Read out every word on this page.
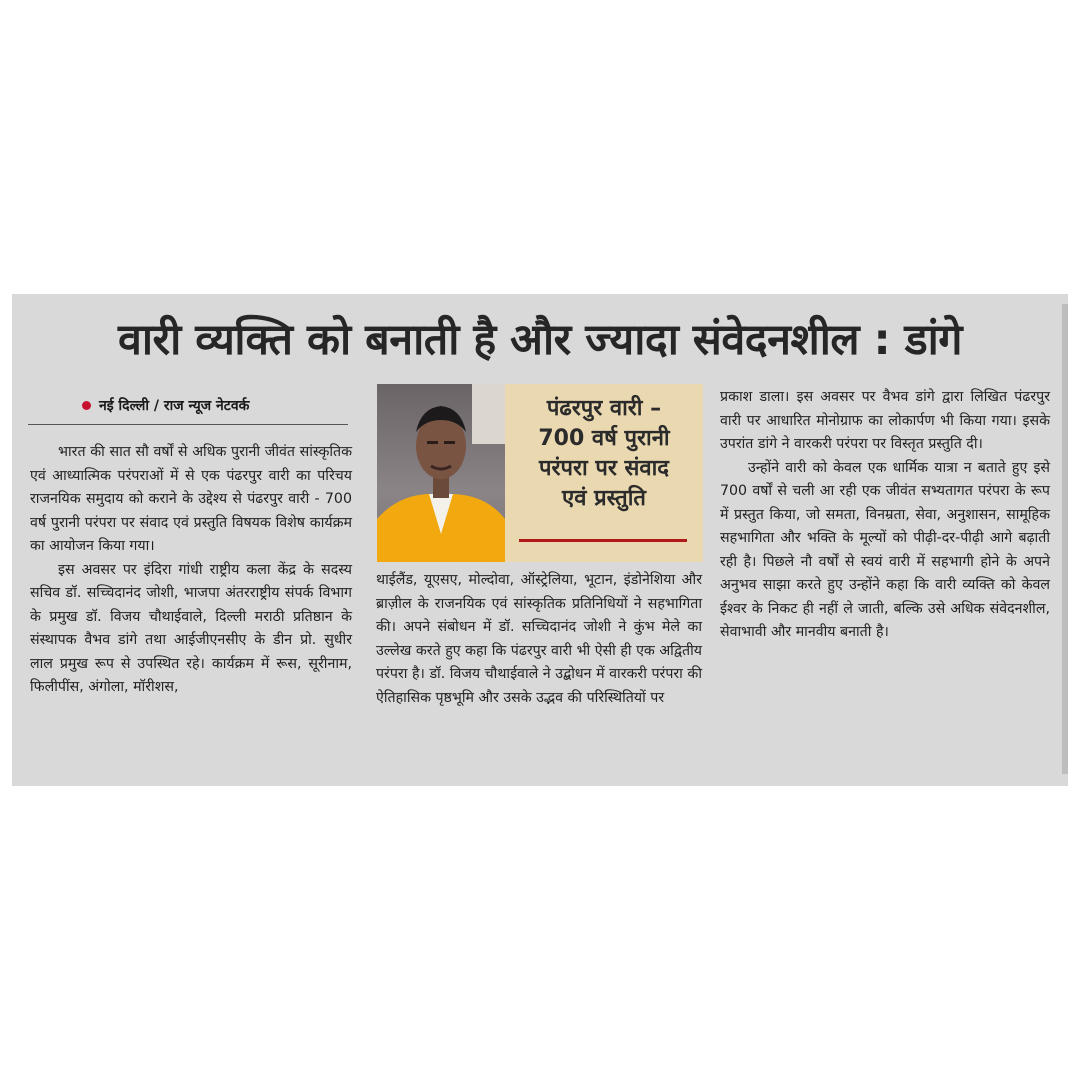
वारी व्यक्ति को बनाती है और ज्यादा संवेदनशील : डांगे
नई दिल्ली / राज न्यूज नेटवर्क

भारत की सात सौ वर्षों से अधिक पुरानी जीवंत सांस्कृतिक एवं आध्यात्मिक परंपराओं में से एक पंढरपुर वारी का परिचय राजनयिक समुदाय को कराने के उद्देश्य से पंढरपुर वारी - 700 वर्ष पुरानी परंपरा पर संवाद एवं प्रस्तुति विषयक विशेष कार्यक्रम का आयोजन किया गया।

इस अवसर पर इंदिरा गांधी राष्ट्रीय कला केंद्र के सदस्य सचिव डॉ. सच्चिदानंद जोशी, भाजपा अंतरराष्ट्रीय संपर्क विभाग के प्रमुख डॉ. विजय चौथाईवाले, दिल्ली मराठी प्रतिष्ठान के संस्थापक वैभव डांगे तथा आईजीएनसीए के डीन प्रो. सुधीर लाल प्रमुख रूप से उपस्थित रहे। कार्यक्रम में रूस, सूरीनाम, फिलीपींस, अंगोला, मॉरीशस,

पंढरपुर वारी –
700 वर्ष पुरानी
परंपरा पर संवाद
एवं प्रस्तुति

थाईलैंड, यूएसए, मोल्दोवा, ऑस्ट्रेलिया, भूटान, इंडोनेशिया और ब्राज़ील के राजनयिक एवं सांस्कृतिक प्रतिनिधियों ने सहभागिता की। अपने संबोधन में डॉ. सच्चिदानंद जोशी ने कुंभ मेले का उल्लेख करते हुए कहा कि पंढरपुर वारी भी ऐसी ही एक अद्वितीय परंपरा है। डॉ. विजय चौथाईवाले ने उद्बोधन में वारकरी परंपरा की ऐतिहासिक पृष्ठभूमि और उसके उद्भव की परिस्थितियों पर

प्रकाश डाला। इस अवसर पर वैभव डांगे द्वारा लिखित पंढरपुर वारी पर आधारित मोनोग्राफ का लोकार्पण भी किया गया। इसके उपरांत डांगे ने वारकरी परंपरा पर विस्तृत प्रस्तुति दी।

उन्होंने वारी को केवल एक धार्मिक यात्रा न बताते हुए इसे 700 वर्षों से चली आ रही एक जीवंत सभ्यतागत परंपरा के रूप में प्रस्तुत किया, जो समता, विनम्रता, सेवा, अनुशासन, सामूहिक सहभागिता और भक्ति के मूल्यों को पीढ़ी-दर-पीढ़ी आगे बढ़ाती रही है। पिछले नौ वर्षों से स्वयं वारी में सहभागी होने के अपने अनुभव साझा करते हुए उन्होंने कहा कि वारी व्यक्ति को केवल ईश्वर के निकट ही नहीं ले जाती, बल्कि उसे अधिक संवेदनशील, सेवाभावी और मानवीय बनाती है।
